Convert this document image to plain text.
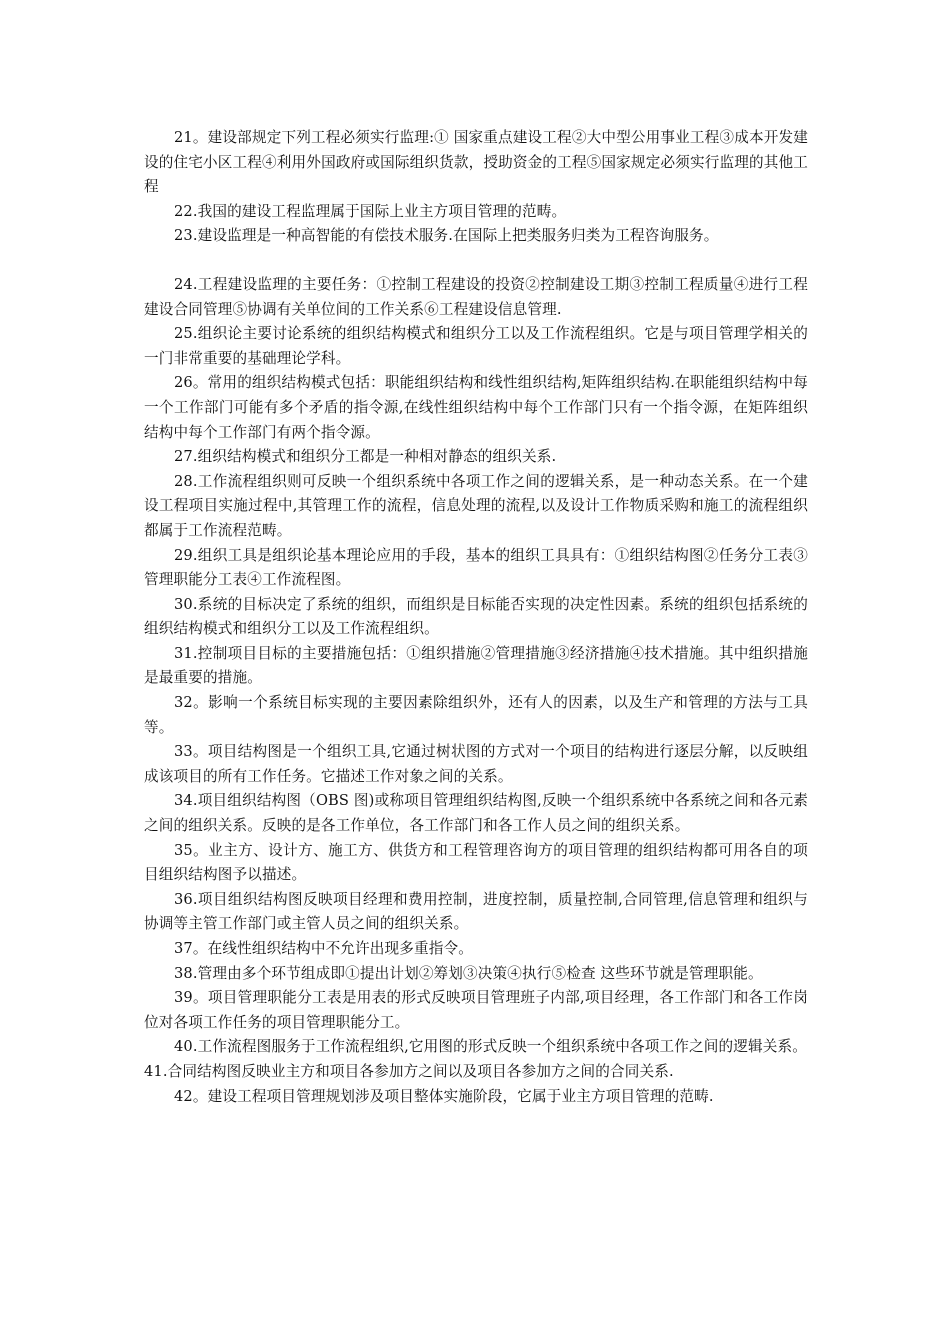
21。建设部规定下列工程必须实行监理:① 国家重点建设工程②大中型公用事业工程③成本开发建设的住宅小区工程④利用外国政府或国际组织货款，授助资金的工程⑤国家规定必须实行监理的其他工程

22.我国的建设工程监理属于国际上业主方项目管理的范畴。

23.建设监理是一种高智能的有偿技术服务.在国际上把类服务归类为工程咨询服务。

24.工程建设监理的主要任务：①控制工程建设的投资②控制建设工期③控制工程质量④进行工程建设合同管理⑤协调有关单位间的工作关系⑥工程建设信息管理.

25.组织论主要讨论系统的组织结构模式和组织分工以及工作流程组织。它是与项目管理学相关的一门非常重要的基础理论学科。

26。常用的组织结构模式包括：职能组织结构和线性组织结构,矩阵组织结构.在职能组织结构中每一个工作部门可能有多个矛盾的指令源,在线性组织结构中每个工作部门只有一个指令源，在矩阵组织结构中每个工作部门有两个指令源。

27.组织结构模式和组织分工都是一种相对静态的组织关系.

28.工作流程组织则可反映一个组织系统中各项工作之间的逻辑关系，是一种动态关系。在一个建设工程项目实施过程中,其管理工作的流程，信息处理的流程,以及设计工作物质采购和施工的流程组织都属于工作流程范畴。

29.组织工具是组织论基本理论应用的手段，基本的组织工具具有：①组织结构图②任务分工表③管理职能分工表④工作流程图。

30.系统的目标决定了系统的组织，而组织是目标能否实现的决定性因素。系统的组织包括系统的组织结构模式和组织分工以及工作流程组织。

31.控制项目目标的主要措施包括：①组织措施②管理措施③经济措施④技术措施。其中组织措施是最重要的措施。

32。影响一个系统目标实现的主要因素除组织外，还有人的因素，以及生产和管理的方法与工具等。

33。项目结构图是一个组织工具,它通过树状图的方式对一个项目的结构进行逐层分解，以反映组成该项目的所有工作任务。它描述工作对象之间的关系。

34.项目组织结构图（OBS 图)或称项目管理组织结构图,反映一个组织系统中各系统之间和各元素之间的组织关系。反映的是各工作单位，各工作部门和各工作人员之间的组织关系。

35。业主方、设计方、施工方、供货方和工程管理咨询方的项目管理的组织结构都可用各自的项目组织结构图予以描述。

36.项目组织结构图反映项目经理和费用控制，进度控制，质量控制,合同管理,信息管理和组织与协调等主管工作部门或主管人员之间的组织关系。

37。在线性组织结构中不允许出现多重指令。

38.管理由多个环节组成即①提出计划②筹划③决策④执行⑤检查 这些环节就是管理职能。

39。项目管理职能分工表是用表的形式反映项目管理班子内部,项目经理，各工作部门和各工作岗位对各项工作任务的项目管理职能分工。

40.工作流程图服务于工作流程组织,它用图的形式反映一个组织系统中各项工作之间的逻辑关系。

41.合同结构图反映业主方和项目各参加方之间以及项目各参加方之间的合同关系.

42。建设工程项目管理规划涉及项目整体实施阶段，它属于业主方项目管理的范畴.
